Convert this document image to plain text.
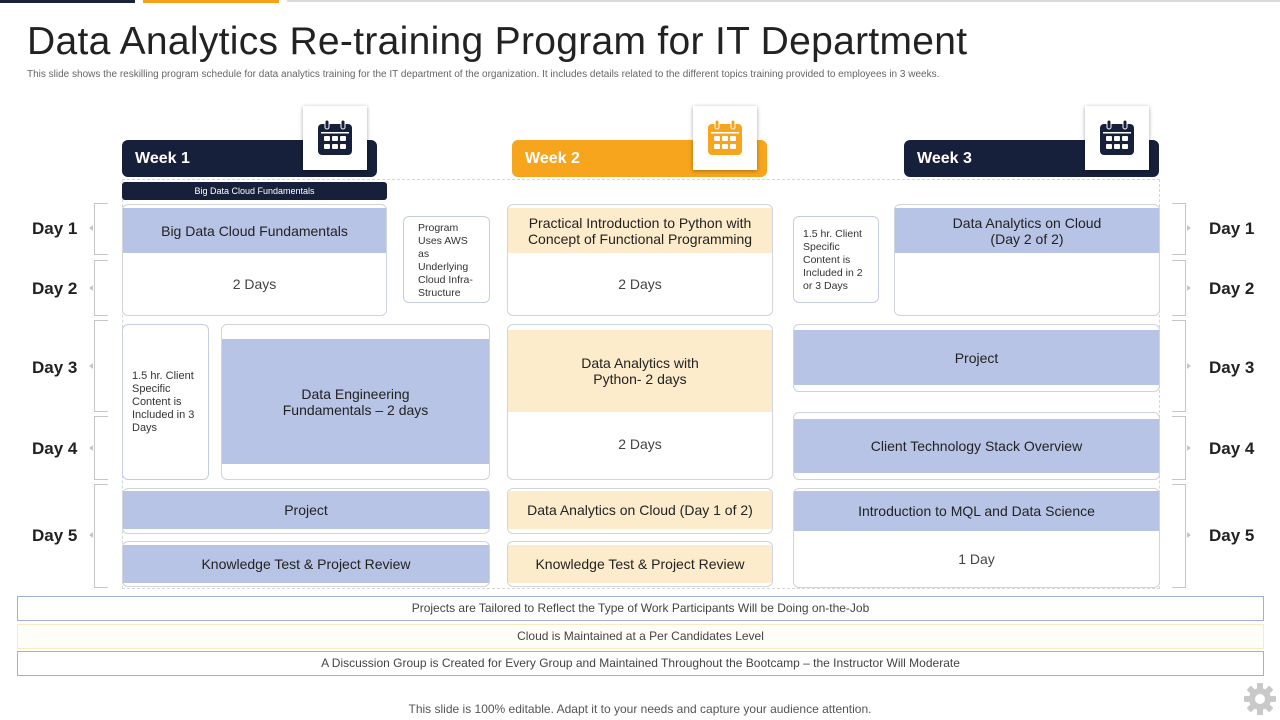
Data Analytics Re-training Program for IT Department
This slide shows the reskilling program schedule for data analytics training for the IT department of the organization. It includes details related to the different topics training provided to employees in 3 weeks.
Week 1	Week 2	Week 3
Big Data Cloud Fundamentals
Day 1
Day 2
Day 3
Day 4
Day 5
Day 1
Day 2
Day 3
Day 4
Day 5
Big Data Cloud Fundamentals
2 Days
Program Uses AWS as Underlying Cloud Infra-Structure
1.5 hr. Client Specific Content is Included in 3 Days
Data Engineering Fundamentals – 2 days
Project
Knowledge Test & Project Review
Practical Introduction to Python with Concept of Functional Programming
2 Days
Data Analytics with Python- 2 days
2 Days
Data Analytics on Cloud (Day 1 of 2)
Knowledge Test & Project Review
1.5 hr. Client Specific Content is Included in 2 or 3 Days
Data Analytics on Cloud (Day 2 of 2)
Project
Client Technology Stack Overview
Introduction to MQL and Data Science
1 Day
Projects are Tailored to Reflect the Type of Work Participants Will be Doing on-the-Job
Cloud is Maintained at a Per Candidates Level
A Discussion Group is Created for Every Group and Maintained Throughout the Bootcamp – the Instructor Will Moderate
This slide is 100% editable. Adapt it to your needs and capture your audience attention.
